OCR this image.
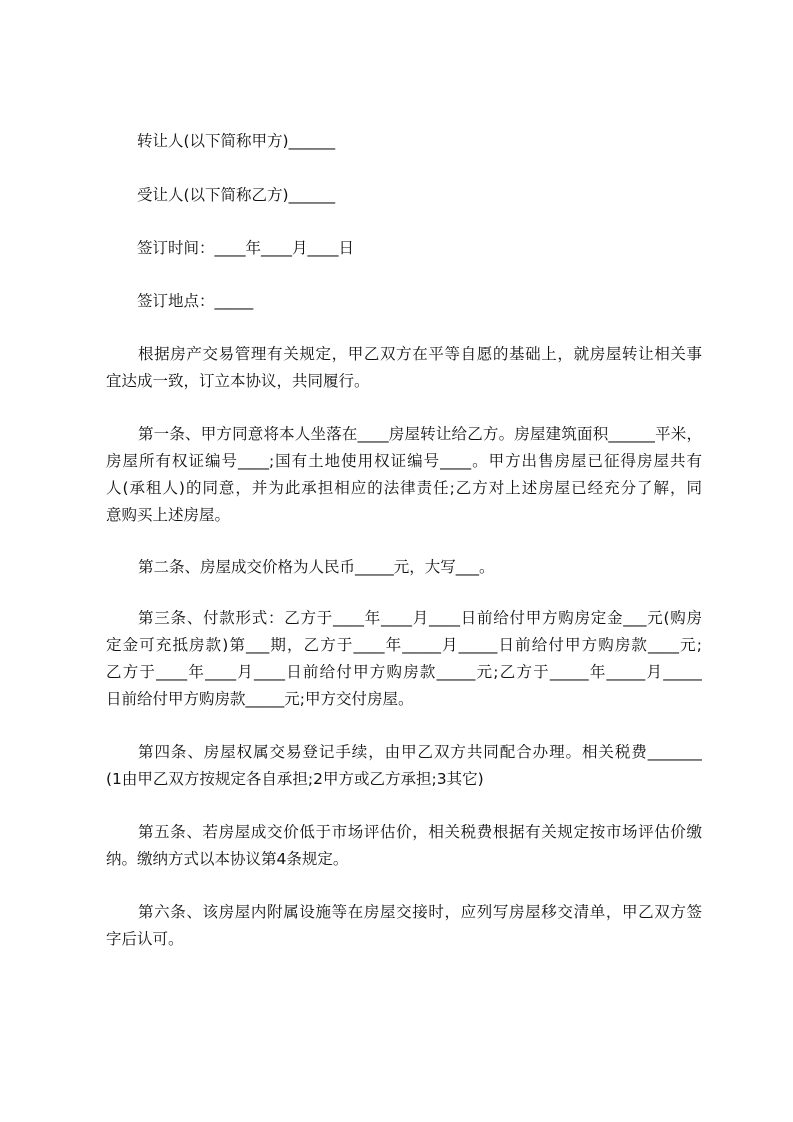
转让人(以下简称甲方)______
受让人(以下简称乙方)______
签订时间：____年____月____日
签订地点：_____

根据房产交易管理有关规定，甲乙双方在平等自愿的基础上，就房屋转让相关事

宜达成一致，订立本协议，共同履行。

第一条、甲方同意将本人坐落在____房屋转让给乙方。房屋建筑面积______平米，

房屋所有权证编号____;国有土地使用权证编号____。甲方出售房屋已征得房屋共有

人(承租人)的同意，并为此承担相应的法律责任;乙方对上述房屋已经充分了解，同

意购买上述房屋。

第二条、房屋成交价格为人民币_____元，大写___。

第三条、付款形式：乙方于____年____月____日前给付甲方购房定金___元(购房

定金可充抵房款)第___期，乙方于____年_____月_____日前给付甲方购房款____元;

乙方于____年____月____日前给付甲方购房款_____元;乙方于_____年_____月_____

日前给付甲方购房款_____元;甲方交付房屋。

第四条、房屋权属交易登记手续，由甲乙双方共同配合办理。相关税费_______

(1由甲乙双方按规定各自承担;2甲方或乙方承担;3其它)

第五条、若房屋成交价低于市场评估价，相关税费根据有关规定按市场评估价缴

纳。缴纳方式以本协议第4条规定。

第六条、该房屋内附属设施等在房屋交接时，应列写房屋移交清单，甲乙双方签

字后认可。
